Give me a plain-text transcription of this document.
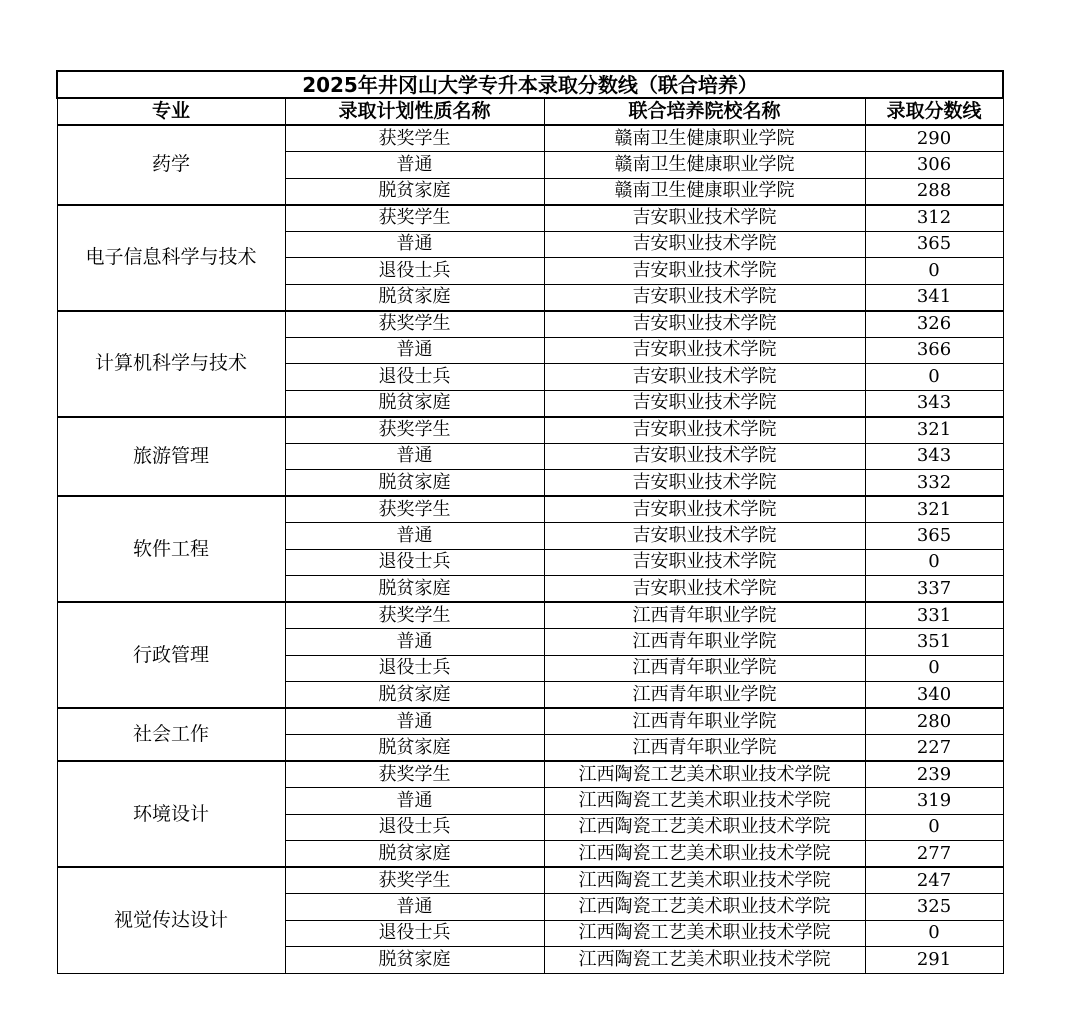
2025年井冈山大学专升本录取分数线（联合培养）			
专业	录取计划性质名称	联合培养院校名称	录取分数线
药学	获奖学生	赣南卫生健康职业学院	290
	普通	赣南卫生健康职业学院	306
	脱贫家庭	赣南卫生健康职业学院	288
电子信息科学与技术	获奖学生	吉安职业技术学院	312
	普通	吉安职业技术学院	365
	退役士兵	吉安职业技术学院	0
	脱贫家庭	吉安职业技术学院	341
计算机科学与技术	获奖学生	吉安职业技术学院	326
	普通	吉安职业技术学院	366
	退役士兵	吉安职业技术学院	0
	脱贫家庭	吉安职业技术学院	343
旅游管理	获奖学生	吉安职业技术学院	321
	普通	吉安职业技术学院	343
	脱贫家庭	吉安职业技术学院	332
软件工程	获奖学生	吉安职业技术学院	321
	普通	吉安职业技术学院	365
	退役士兵	吉安职业技术学院	0
	脱贫家庭	吉安职业技术学院	337
行政管理	获奖学生	江西青年职业学院	331
	普通	江西青年职业学院	351
	退役士兵	江西青年职业学院	0
	脱贫家庭	江西青年职业学院	340
社会工作	普通	江西青年职业学院	280
	脱贫家庭	江西青年职业学院	227
环境设计	获奖学生	江西陶瓷工艺美术职业技术学院	239
	普通	江西陶瓷工艺美术职业技术学院	319
	退役士兵	江西陶瓷工艺美术职业技术学院	0
	脱贫家庭	江西陶瓷工艺美术职业技术学院	277
视觉传达设计	获奖学生	江西陶瓷工艺美术职业技术学院	247
	普通	江西陶瓷工艺美术职业技术学院	325
	退役士兵	江西陶瓷工艺美术职业技术学院	0
	脱贫家庭	江西陶瓷工艺美术职业技术学院	291
